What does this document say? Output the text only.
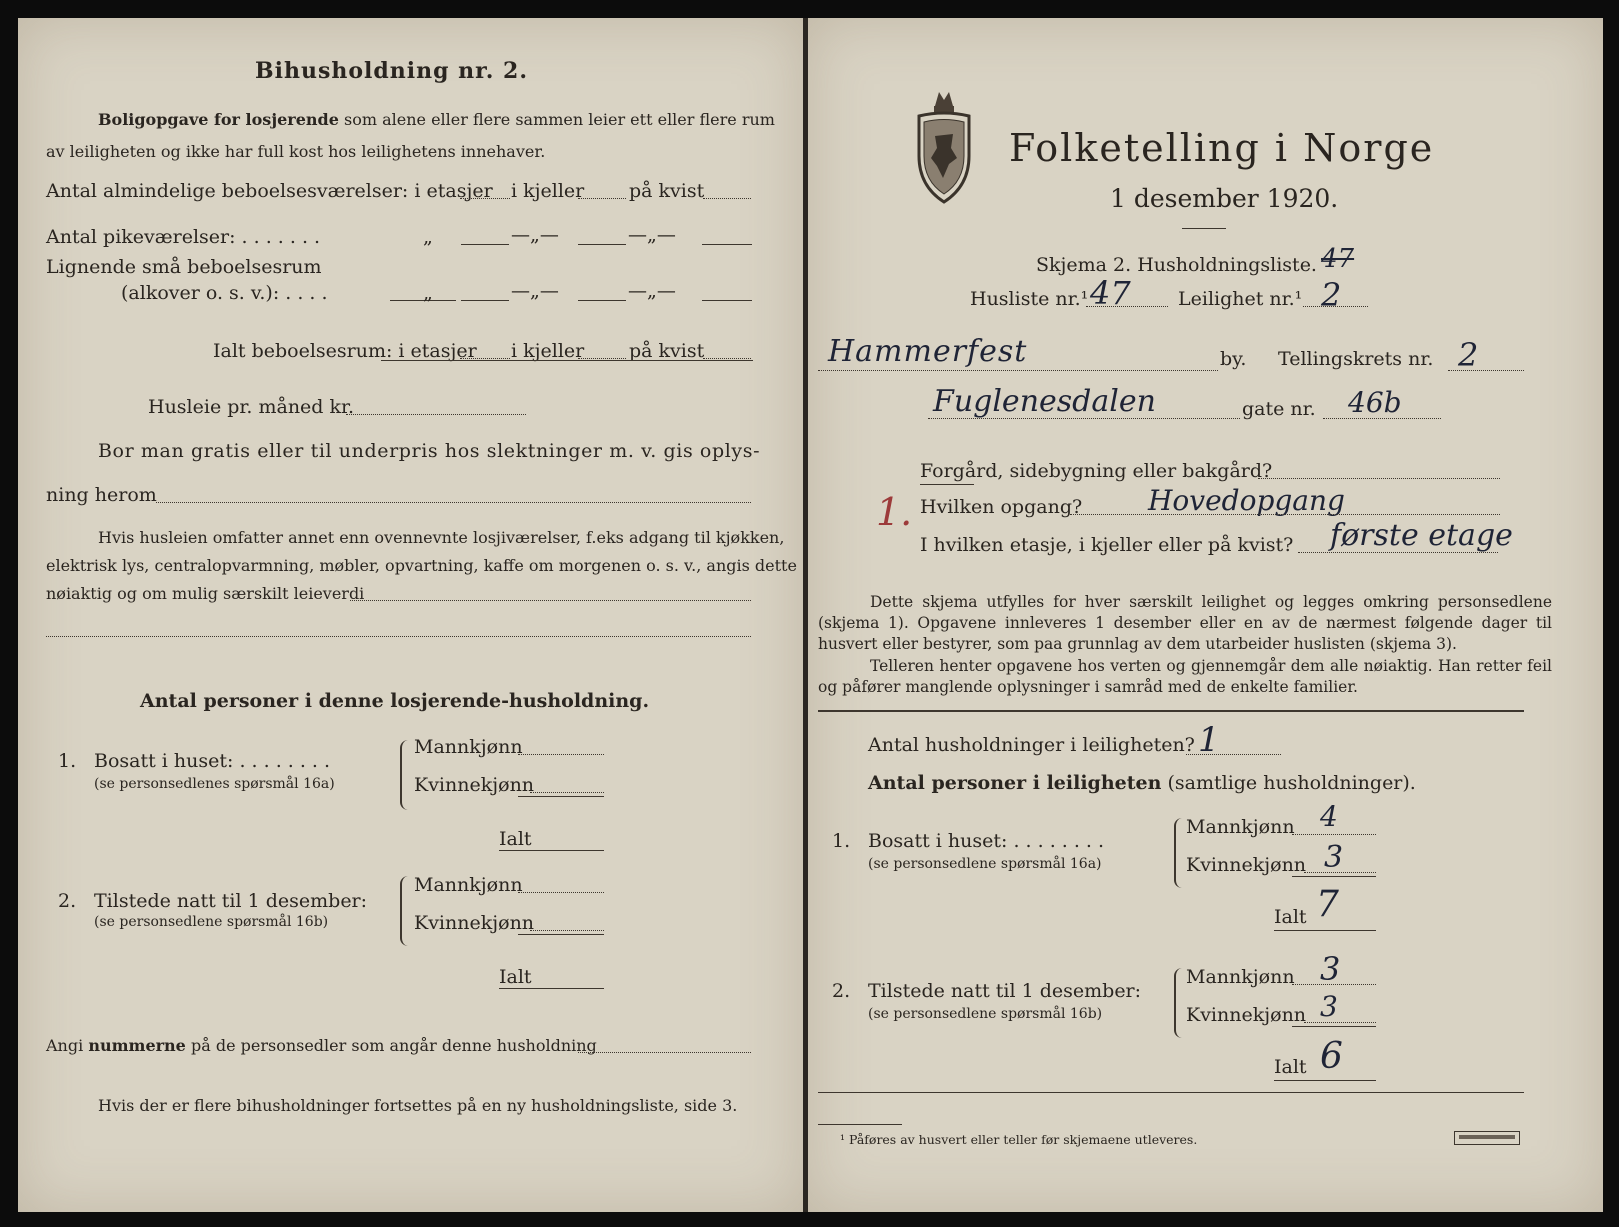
Bihusholdning nr. 2.
Boligopgave for losjerende som alene eller flere sammen leier ett eller flere rum
av leiligheten og ikke har full kost hos leilighetens innehaver.
Antal almindelige beboelsesværelser: i etasjer i kjeller på kvist
Antal pikeværelser: . . . . . . .	„	—„—	—„—
Lignende små beboelsesrum
(alkover o. s. v.): . . . .	„	—„—	—„—
Ialt beboelsesrum: i etasjer i kjeller på kvist
Husleie pr. måned kr.
Bor man gratis eller til underpris hos slektninger m. v. gis oplys-
ning herom
Hvis husleien omfatter annet enn ovennevnte losjiværelser, f.eks adgang til kjøkken,
elektrisk lys, centralopvarmning, møbler, opvartning, kaffe om morgenen o. s. v., angis dette
nøiaktig og om mulig særskilt leieverdi
Antal personer i denne losjerende-husholdning.
1. Bosatt i huset: . . . . . . . .
(se personsedlenes spørsmål 16a)
Mannkjønn
Kvinnekjønn
Ialt
2. Tilstede natt til 1 desember:
(se personsedlene spørsmål 16b)
Mannkjønn
Kvinnekjønn
Ialt
Angi nummerne på de personsedler som angår denne husholdning
Hvis der er flere bihusholdninger fortsettes på en ny husholdningsliste, side 3.
Folketelling i Norge
1 desember 1920.
Skjema 2. Husholdningsliste. 47
Husliste nr.¹ 47 Leilighet nr.¹ 2
Hammerfest	by. Tellingskrets nr. 2
Fuglenesdalen	gate nr. 46b
Forgård, sidebygning eller bakgård?
1. Hvilken opgang? Hovedopgang
I hvilken etasje, i kjeller eller på kvist? første etage
Dette skjema utfylles for hver særskilt leilighet og legges omkring personsedlene (skjema 1). Opgavene innleveres 1 desember eller en av de nærmest følgende dager til husvert eller bestyrer, som paa grunnlag av dem utarbeider huslisten (skjema 3).
Telleren henter opgavene hos verten og gjennemgår dem alle nøiaktig. Han retter feil og påfører manglende oplysninger i samråd med de enkelte familier.
Antal husholdninger i leiligheten? 1
Antal personer i leiligheten (samtlige husholdninger).
1. Bosatt i huset: . . . . . . . .
(se personsedlene spørsmål 16a)
Mannkjønn 4
Kvinnekjønn 3
Ialt 7
2. Tilstede natt til 1 desember:
(se personsedlene spørsmål 16b)
Mannkjønn 3
Kvinnekjønn 3
Ialt 6
¹ Påføres av husvert eller teller før skjemaene utleveres.
